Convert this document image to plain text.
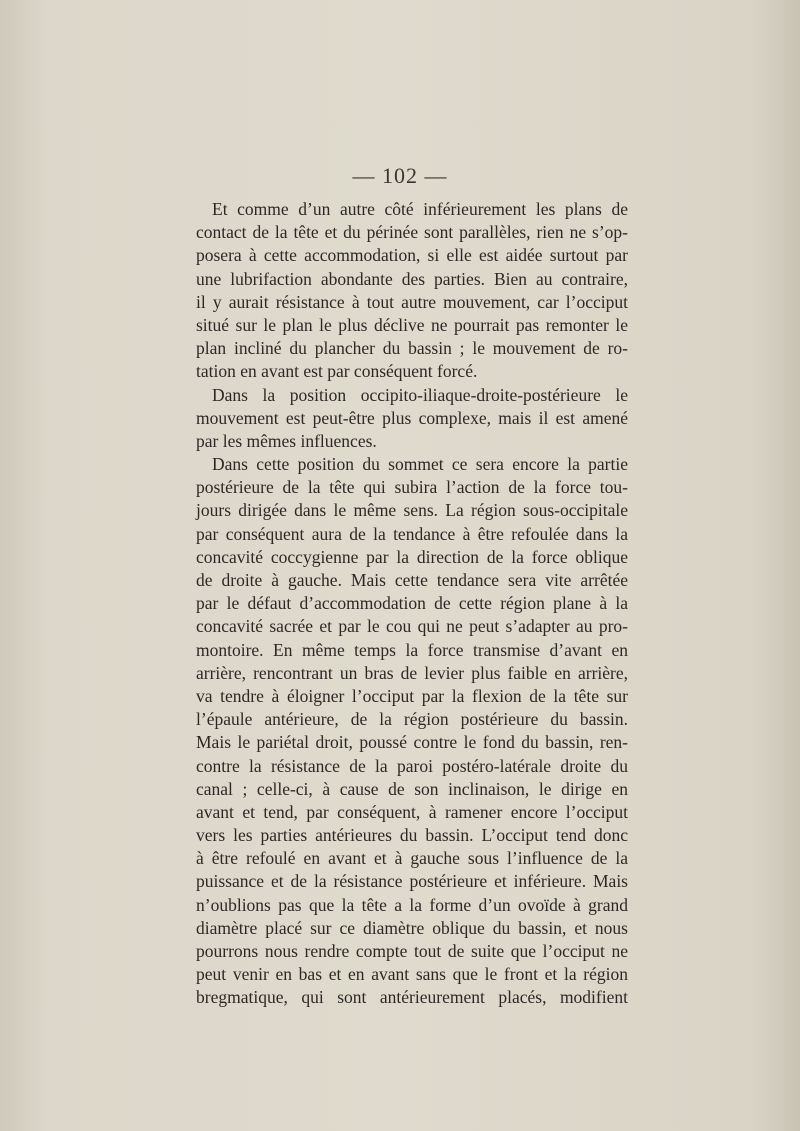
— 102 —
Et comme d’un autre côté inférieurement les plans de
contact de la tête et du périnée sont parallèles, rien ne s’op-
posera à cette accommodation, si elle est aidée surtout par
une lubrifaction abondante des parties. Bien au contraire,
il y aurait résistance à tout autre mouvement, car l’occiput
situé sur le plan le plus déclive ne pourrait pas remonter le
plan incliné du plancher du bassin ; le mouvement de ro-
tation en avant est par conséquent forcé.
Dans la position occipito-iliaque-droite-postérieure le
mouvement est peut-être plus complexe, mais il est amené
par les mêmes influences.
Dans cette position du sommet ce sera encore la partie
postérieure de la tête qui subira l’action de la force tou-
jours dirigée dans le même sens. La région sous-occipitale
par conséquent aura de la tendance à être refoulée dans la
concavité coccygienne par la direction de la force oblique
de droite à gauche. Mais cette tendance sera vite arrêtée
par le défaut d’accommodation de cette région plane à la
concavité sacrée et par le cou qui ne peut s’adapter au pro-
montoire. En même temps la force transmise d’avant en
arrière, rencontrant un bras de levier plus faible en arrière,
va tendre à éloigner l’occiput par la flexion de la tête sur
l’épaule antérieure, de la région postérieure du bassin.
Mais le pariétal droit, poussé contre le fond du bassin, ren-
contre la résistance de la paroi postéro-latérale droite du
canal ; celle-ci, à cause de son inclinaison, le dirige en
avant et tend, par conséquent, à ramener encore l’occiput
vers les parties antérieures du bassin. L’occiput tend donc
à être refoulé en avant et à gauche sous l’influence de la
puissance et de la résistance postérieure et inférieure. Mais
n’oublions pas que la tête a la forme d’un ovoïde à grand
diamètre placé sur ce diamètre oblique du bassin, et nous
pourrons nous rendre compte tout de suite que l’occiput ne
peut venir en bas et en avant sans que le front et la région
bregmatique, qui sont antérieurement placés, modifient
